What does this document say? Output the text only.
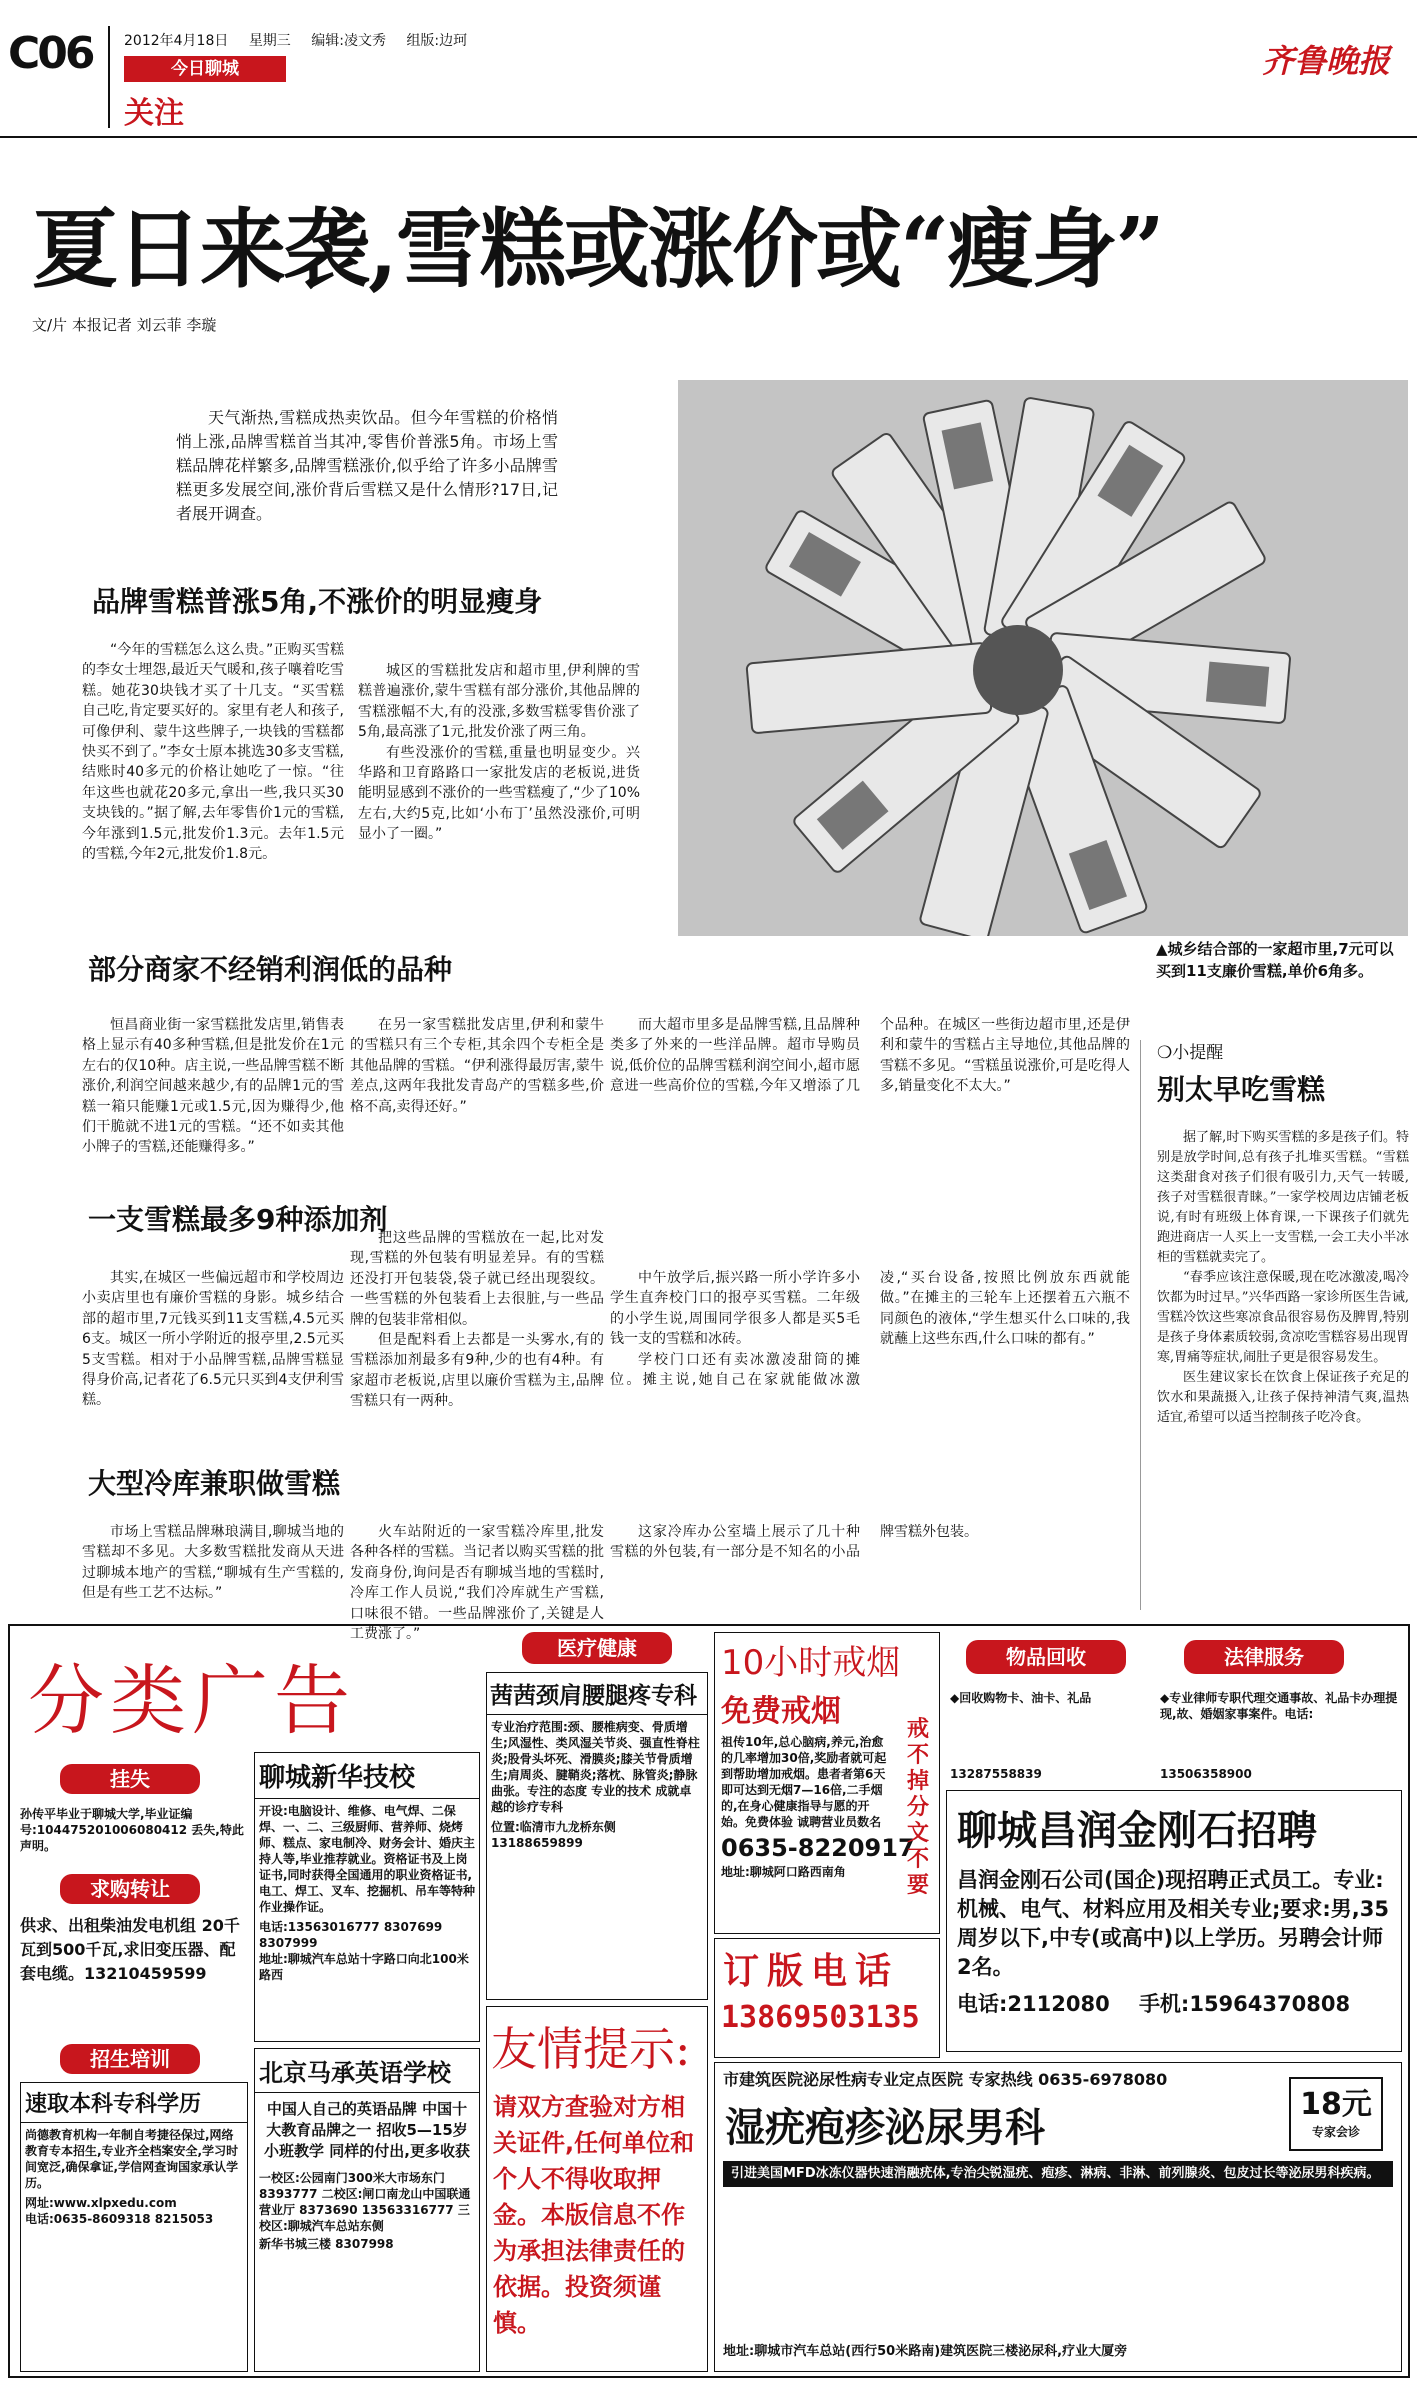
C06	2012年4月18日 星期三 编辑:凌文秀 组版:边珂
今日聊城
关注
齐鲁晚报
夏日来袭,雪糕或涨价或“瘦身”
文/片 本报记者 刘云菲 李璇
天气渐热,雪糕成热卖饮品。但今年雪糕的价格悄悄上涨,品牌雪糕首当其冲,零售价普涨5角。市场上雪糕品牌花样繁多,品牌雪糕涨价,似乎给了许多小品牌雪糕更多发展空间,涨价背后雪糕又是什么情形?17日,记者展开调查。
▲城乡结合部的一家超市里,7元可以买到11支廉价雪糕,单价6角多。
品牌雪糕普涨5角,不涨价的明显瘦身

“今年的雪糕怎么这么贵。”正购买雪糕的李女士埋怨,最近天气暖和,孩子嚷着吃雪糕。她花30块钱才买了十几支。“买雪糕自己吃,肯定要买好的。家里有老人和孩子,可像伊利、蒙牛这些牌子,一块钱的雪糕都快买不到了。”李女士原本挑选30多支雪糕,结账时40多元的价格让她吃了一惊。“往年这些也就花20多元,拿出一些,我只买30支块钱的。”据了解,去年零售价1元的雪糕,今年涨到1.5元,批发价1.3元。去年1.5元的雪糕,今年2元,批发价1.8元。

城区的雪糕批发店和超市里,伊利牌的雪糕普遍涨价,蒙牛雪糕有部分涨价,其他品牌的雪糕涨幅不大,有的没涨,多数雪糕零售价涨了5角,最高涨了1元,批发价涨了两三角。

有些没涨价的雪糕,重量也明显变少。兴华路和卫育路路口一家批发店的老板说,进货能明显感到不涨价的一些雪糕瘦了,“少了10%左右,大约5克,比如‘小布丁’虽然没涨价,可明显小了一圈。”

部分商家不经销利润低的品种

恒昌商业街一家雪糕批发店里,销售表格上显示有40多种雪糕,但是批发价在1元左右的仅10种。店主说,一些品牌雪糕不断涨价,利润空间越来越少,有的品牌1元的雪糕一箱只能赚1元或1.5元,因为赚得少,他们干脆就不进1元的雪糕。“还不如卖其他小牌子的雪糕,还能赚得多。”

在另一家雪糕批发店里,伊利和蒙牛的雪糕只有三个专柜,其余四个专柜全是其他品牌的雪糕。“伊利涨得最厉害,蒙牛差点,这两年我批发青岛产的雪糕多些,价格不高,卖得还好。”

而大超市里多是品牌雪糕,且品牌种类多了外来的一些洋品牌。超市导购员说,低价位的品牌雪糕利润空间小,超市愿意进一些高价位的雪糕,今年又增添了几个品种。在城区一些街边超市里,还是伊利和蒙牛的雪糕占主导地位,其他品牌的雪糕不多见。“雪糕虽说涨价,可是吃得人多,销量变化不太大。”

一支雪糕最多9种添加剂

其实,在城区一些偏远超市和学校周边小卖店里也有廉价雪糕的身影。城乡结合部的超市里,7元钱买到11支雪糕,4.5元买6支。城区一所小学附近的报亭里,2.5元买5支雪糕。相对于小品牌雪糕,品牌雪糕显得身价高,记者花了6.5元只买到4支伊利雪糕。

把这些品牌的雪糕放在一起,比对发现,雪糕的外包装有明显差异。有的雪糕还没打开包装袋,袋子就已经出现裂纹。一些雪糕的外包装看上去很脏,与一些品牌的包装非常相似。

但是配料看上去都是一头雾水,有的雪糕添加剂最多有9种,少的也有4种。有家超市老板说,店里以廉价雪糕为主,品牌雪糕只有一两种。

中午放学后,振兴路一所小学许多小学生直奔校门口的报亭买雪糕。二年级的小学生说,周围同学很多人都是买5毛钱一支的雪糕和冰砖。

学校门口还有卖冰激凌甜筒的摊位。摊主说,她自己在家就能做冰激凌,“买台设备,按照比例放东西就能做。”在摊主的三轮车上还摆着五六瓶不同颜色的液体,“学生想买什么口味的,我就蘸上这些东西,什么口味的都有。”

大型冷库兼职做雪糕

市场上雪糕品牌琳琅满目,聊城当地的雪糕却不多见。大多数雪糕批发商从天进过聊城本地产的雪糕,“聊城有生产雪糕的,但是有些工艺不达标。”

火车站附近的一家雪糕冷库里,批发各种各样的雪糕。当记者以购买雪糕的批发商身份,询问是否有聊城当地的雪糕时,冷库工作人员说,“我们冷库就生产雪糕,口味很不错。一些品牌涨价了,关键是人工费涨了。”

这家冷库办公室墙上展示了几十种雪糕的外包装,有一部分是不知名的小品牌雪糕外包装。

❍小提醒
别太早吃雪糕

据了解,时下购买雪糕的多是孩子们。特别是放学时间,总有孩子扎堆买雪糕。“雪糕这类甜食对孩子们很有吸引力,天气一转暖,孩子对雪糕很青睐。”一家学校周边店铺老板说,有时有班级上体育课,一下课孩子们就先跑进商店一人买上一支雪糕,一会工夫小半冰柜的雪糕就卖完了。

“春季应该注意保暖,现在吃冰激凌,喝冷饮都为时过早。”兴华西路一家诊所医生告诫,雪糕冷饮这些寒凉食品很容易伤及脾胃,特别是孩子身体素质较弱,贪凉吃雪糕容易出现胃寒,胃痛等症状,闹肚子更是很容易发生。

医生建议家长在饮食上保证孩子充足的饮水和果蔬摄入,让孩子保持神清气爽,温热适宜,希望可以适当控制孩子吃冷食。

分类广告
挂失
孙传平毕业于聊城大学,毕业证编号:104475201006080412 丢失,特此声明。
求购转让
供求、出租柴油发电机组 20千瓦到500千瓦,求旧变压器、配套电缆。13210459599
招生培训
速取本科专科学历
尚德教育机构一年制自考捷径保过,网络教育专本招生,专业齐全档案安全,学习时间宽泛,确保拿证,学信网查询国家承认学历。
网址:www.xlpxedu.com
电话:0635-8609318 8215053
聊城新华技校
开设:电脑设计、维修、电气焊、二保焊、一、二、三级厨师、营养师、烧烤师、糕点、家电制冷、财务会计、婚庆主持人等,毕业推荐就业。资格证书及上岗证书,同时获得全国通用的职业资格证书,电工、焊工、叉车、挖掘机、吊车等特种作业操作证。
电话:13563016777 8307699 8307999
地址:聊城汽车总站十字路口向北100米路西
北京马承英语学校
中国人自己的英语品牌 中国十大教育品牌之一 招收5—15岁 小班教学 同样的付出,更多收获
一校区:公园南门300米大市场东门 8393777 二校区:闸口南龙山中国联通营业厅 8373690 13563316777 三校区:聊城汽车总站东侧
新华书城三楼 8307998
医疗健康
茜茜颈肩腰腿疼专科
专业治疗范围:颈、腰椎病变、骨质增生;风湿性、类风湿关节炎、强直性脊柱炎;股骨头坏死、滑膜炎;膝关节骨质增生;肩周炎、腱鞘炎;落枕、脉管炎;静脉曲张。专注的态度 专业的技术 成就卓越的诊疗专科
位置:临清市九龙桥东侧
13188659899
友情提示:
请双方查验对方相关证件,任何单位和个人不得收取押金。本版信息不作为承担法律责任的依据。投资须谨慎。
10小时戒烟
免费戒烟
祖传10年,总心脑病,养元,治愈的几率增加30倍,奖励者就可起到帮助增加戒烟。患者者第6天即可达到无烟7—16倍,二手烟的,在身心健康指导与愿的开始。免费体验 诚聘营业员数名
0635-8220917
地址:聊城阿口路西南角
戒不掉分文不要
订版电话
13869503135
物品回收	法律服务
◆回收购物卡、油卡、礼品
13287558839
◆专业律师专职代理交通事故、礼品卡办理提现,故、婚姻家事案件。电话:
13506358900
聊城昌润金刚石招聘
昌润金刚石公司(国企)现招聘正式员工。专业:机械、电气、材料应用及相关专业;要求:男,35周岁以下,中专(或高中)以上学历。另聘会计师2名。
电话:2112080 手机:15964370808
市建筑医院泌尿性病专业定点医院 专家热线 0635-6978080
湿疣疱疹泌尿男科
18元
专家会诊
引进美国MFD冰冻仪器快速消融疣体,专治尖锐湿疣、疱疹、淋病、非淋、前列腺炎、包皮过长等泌尿男科疾病。
地址:聊城市汽车总站(西行50米路南)建筑医院三楼泌尿科,疗业大厦旁
